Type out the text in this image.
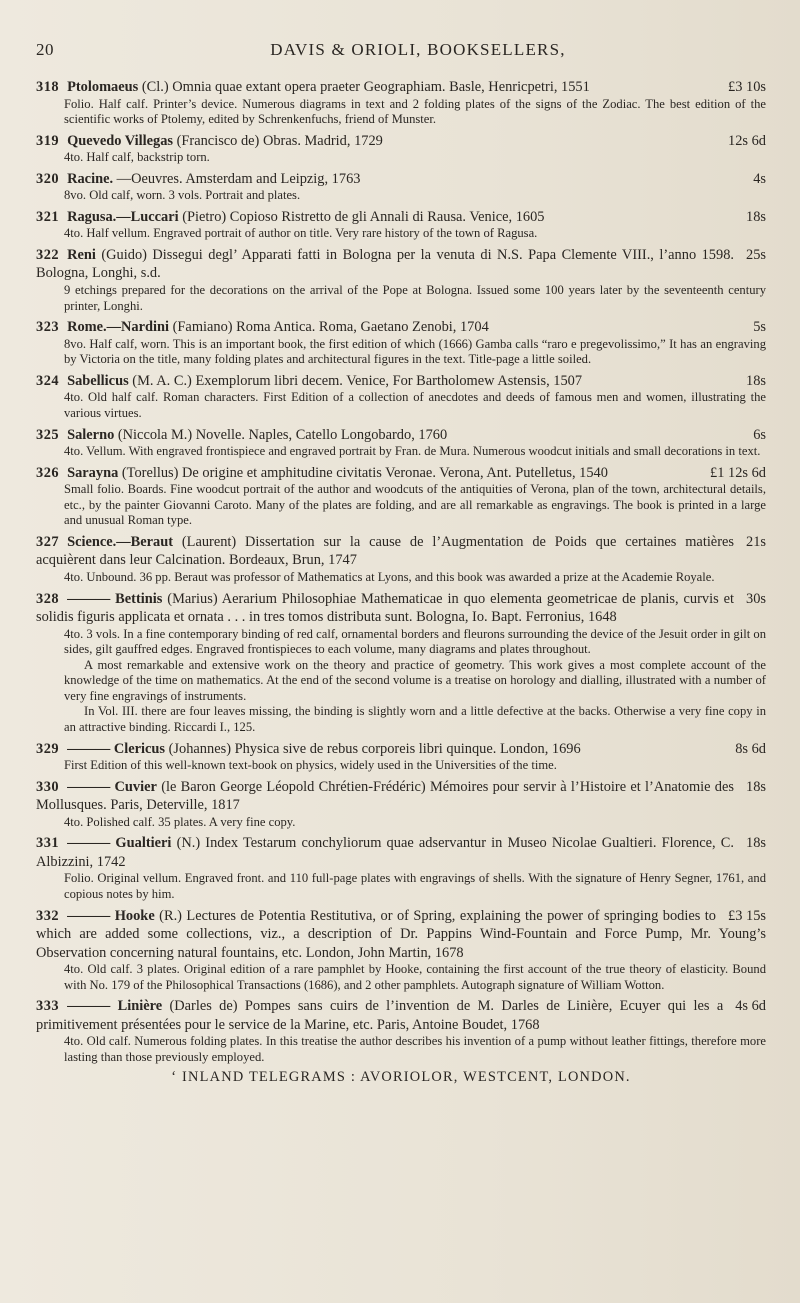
20	DAVIS & ORIOLI, BOOKSELLERS,
£3 10s
318 Ptolomaeus (Cl.) Omnia quae extant opera praeter Geographiam. Basle, Henricpetri, 1551
Folio. Half calf. Printer’s device. Numerous diagrams in text and 2 folding plates of the signs of the Zodiac. The best edition of the scientific works of Ptolemy, edited by Schrenkenfuchs, friend of Munster.
12s 6d
319 Quevedo Villegas (Francisco de) Obras. Madrid, 1729
4to. Half calf, backstrip torn.
4s
320 Racine. —Oeuvres. Amsterdam and Leipzig, 1763
8vo. Old calf, worn. 3 vols. Portrait and plates.
18s
321 Ragusa.—Luccari (Pietro) Copioso Ristretto de gli Annali di Rausa. Venice, 1605
4to. Half vellum. Engraved portrait of author on title. Very rare history of the town of Ragusa.
25s
322 Reni (Guido) Dissegui degl’ Apparati fatti in Bologna per la venuta di N.S. Papa Clemente VIII., l’anno 1598. Bologna, Longhi, s.d.
9 etchings prepared for the decorations on the arrival of the Pope at Bologna. Issued some 100 years later by the seventeenth century printer, Longhi.
5s
323 Rome.—Nardini (Famiano) Roma Antica. Roma, Gaetano Zenobi, 1704
8vo. Half calf, worn. This is an important book, the first edition of which (1666) Gamba calls “raro e pregevolissimo,” It has an engraving by Victoria on the title, many folding plates and architectural figures in the text. Title-page a little soiled.
18s
324 Sabellicus (M. A. C.) Exemplorum libri decem. Venice, For Bartholomew Astensis, 1507
4to. Old half calf. Roman characters. First Edition of a collection of anecdotes and deeds of famous men and women, illustrating the various virtues.
6s
325 Salerno (Niccola M.) Novelle. Naples, Catello Longobardo, 1760
4to. Vellum. With engraved frontispiece and engraved portrait by Fran. de Mura. Numerous woodcut initials and small decorations in text.
£1 12s 6d
326 Sarayna (Torellus) De origine et amphitudine civitatis Veronae. Verona, Ant. Putelletus, 1540
Small folio. Boards. Fine woodcut portrait of the author and woodcuts of the antiquities of Verona, plan of the town, architectural details, etc., by the painter Giovanni Caroto. Many of the plates are folding, and are all remarkable as engravings. The book is printed in a large and unusual Roman type.
21s
327 Science.—Beraut (Laurent) Dissertation sur la cause de l’Augmentation de Poids que certaines matières acquièrent dans leur Calcination. Bordeaux, Brun, 1747
4to. Unbound. 36 pp. Beraut was professor of Mathematics at Lyons, and this book was awarded a prize at the Academie Royale.
30s
328 ——— Bettinis (Marius) Aerarium Philosophiae Mathematicae in quo elementa geometricae de planis, curvis et solidis figuris applicata et ornata . . . in tres tomos distributa sunt. Bologna, Io. Bapt. Ferronius, 1648
4to. 3 vols. In a fine contemporary binding of red calf, ornamental borders and fleurons surrounding the device of the Jesuit order in gilt on sides, gilt gauffred edges. Engraved frontispieces to each volume, many diagrams and plates throughout.
A most remarkable and extensive work on the theory and practice of geometry. This work gives a most complete account of the knowledge of the time on mathematics. At the end of the second volume is a treatise on horology and dialling, illustrated with a number of very fine engravings of instruments.
In Vol. III. there are four leaves missing, the binding is slightly worn and a little defective at the backs. Otherwise a very fine copy in an attractive binding. Riccardi I., 125.
8s 6d
329 ——— Clericus (Johannes) Physica sive de rebus corporeis libri quinque. London, 1696
First Edition of this well-known text-book on physics, widely used in the Universities of the time.
18s
330 ——— Cuvier (le Baron George Léopold Chrétien-Frédéric) Mémoires pour servir à l’Histoire et l’Anatomie des Mollusques. Paris, Deterville, 1817
4to. Polished calf. 35 plates. A very fine copy.
18s
331 ——— Gualtieri (N.) Index Testarum conchyliorum quae adservantur in Museo Nicolae Gualtieri. Florence, C. Albizzini, 1742
Folio. Original vellum. Engraved front. and 110 full-page plates with engravings of shells. With the signature of Henry Segner, 1761, and copious notes by him.
£3 15s
332 ——— Hooke (R.) Lectures de Potentia Restitutiva, or of Spring, explaining the power of springing bodies to which are added some collections, viz., a description of Dr. Pappins Wind-Fountain and Force Pump, Mr. Young’s Observation concerning natural fountains, etc. London, John Martin, 1678
4to. Old calf. 3 plates. Original edition of a rare pamphlet by Hooke, containing the first account of the true theory of elasticity. Bound with No. 179 of the Philosophical Transactions (1686), and 2 other pamphlets. Autograph signature of William Wotton.
4s 6d
333 ——— Linière (Darles de) Pompes sans cuirs de l’invention de M. Darles de Linière, Ecuyer qui les a primitivement présentées pour le service de la Marine, etc. Paris, Antoine Boudet, 1768
4to. Old calf. Numerous folding plates. In this treatise the author describes his invention of a pump without leather fittings, therefore more lasting than those previously employed.
‘ INLAND TELEGRAMS : AVORIOLOR, WESTCENT, LONDON.
